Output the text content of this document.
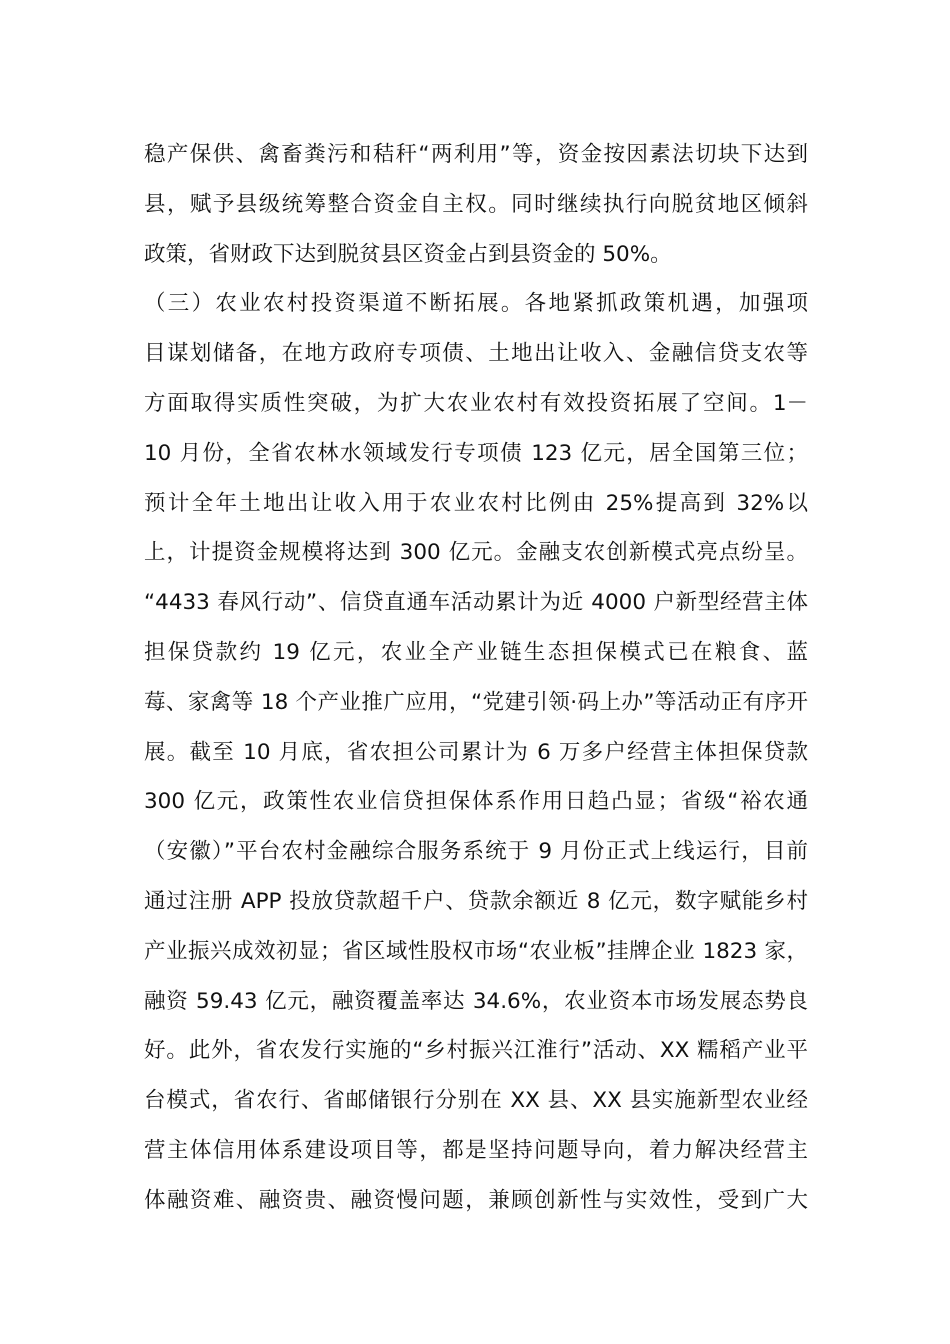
稳产保供、禽畜粪污和秸秆“两利用”等，资金按因素法切块下达到
县，赋予县级统筹整合资金自主权。同时继续执行向脱贫地区倾斜
政策，省财政下达到脱贫县区资金占到县资金的 50%。
（三）农业农村投资渠道不断拓展。各地紧抓政策机遇，加强项
目谋划储备，在地方政府专项债、土地出让收入、金融信贷支农等
方面取得实质性突破，为扩大农业农村有效投资拓展了空间。1－
10 月份，全省农林水领域发行专项债 123 亿元，居全国第三位；
预计全年土地出让收入用于农业农村比例由 25%提高到 32%以
上，计提资金规模将达到 300 亿元。金融支农创新模式亮点纷呈。
“4433 春风行动”、信贷直通车活动累计为近 4000 户新型经营主体
担保贷款约 19 亿元，农业全产业链生态担保模式已在粮食、蓝
莓、家禽等 18 个产业推广应用，“党建引领·码上办”等活动正有序开
展。截至 10 月底，省农担公司累计为 6 万多户经营主体担保贷款
300 亿元，政策性农业信贷担保体系作用日趋凸显；省级“裕农通
（安徽）”平台农村金融综合服务系统于 9 月份正式上线运行，目前
通过注册 APP 投放贷款超千户、贷款余额近 8 亿元，数字赋能乡村
产业振兴成效初显；省区域性股权市场“农业板”挂牌企业 1823 家，
融资 59.43 亿元，融资覆盖率达 34.6%，农业资本市场发展态势良
好。此外，省农发行实施的“乡村振兴江淮行”活动、XX 糯稻产业平
台模式，省农行、省邮储银行分别在 XX 县、XX 县实施新型农业经
营主体信用体系建设项目等，都是坚持问题导向，着力解决经营主
体融资难、融资贵、融资慢问题，兼顾创新性与实效性，受到广大
